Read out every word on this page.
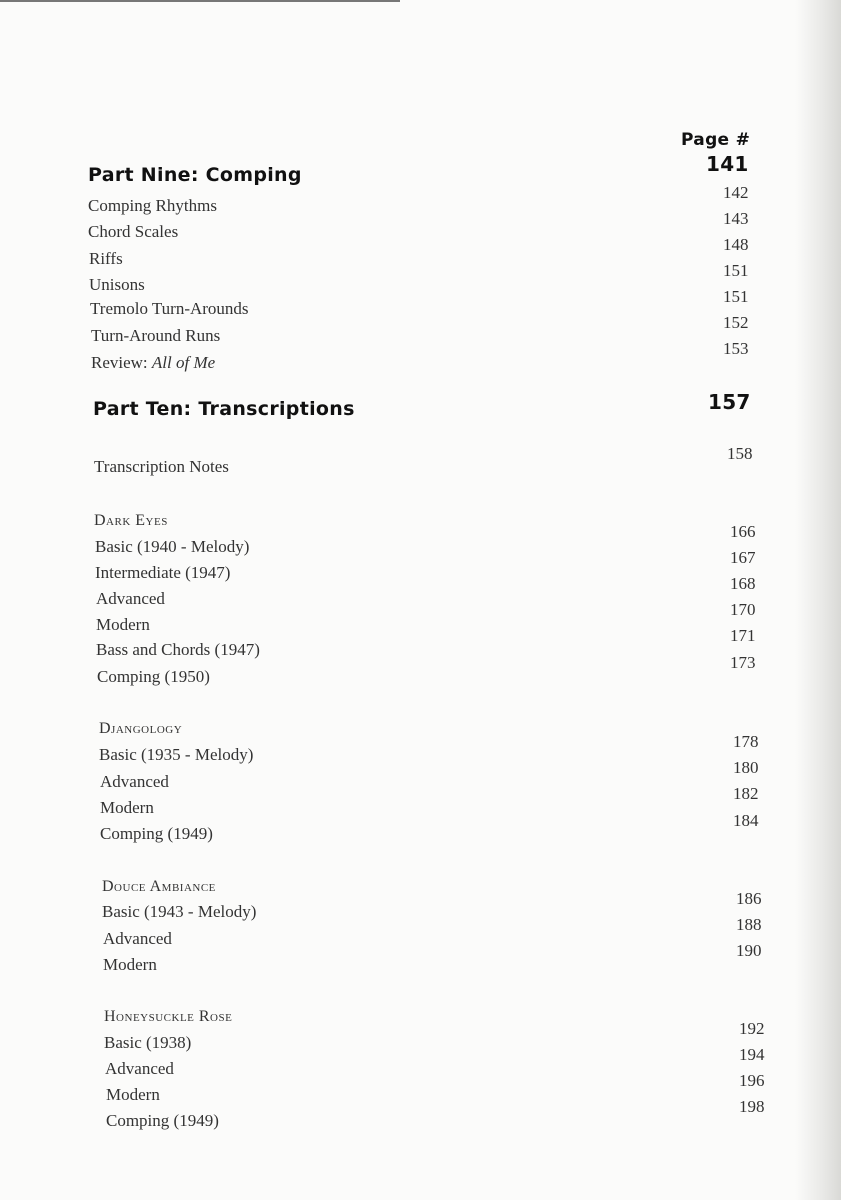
Page #
Part Nine: Comping	141
Comping Rhythms
142
Chord Scales
143
Riffs
148
Unisons
151
Tremolo Turn-Arounds
151
Turn-Around Runs
152
Review: All of Me
153
Part Ten: Transcriptions	157
Transcription Notes
158
Dark Eyes
Basic (1940 - Melody)
166
Intermediate (1947)
167
Advanced
168
Modern
170
Bass and Chords (1947)
171
Comping (1950)
173
Djangology
Basic (1935 - Melody)
178
Advanced
180
Modern
182
Comping (1949)
184
Douce Ambiance
Basic (1943 - Melody)
186
Advanced
188
Modern
190
Honeysuckle Rose
Basic (1938)
192
Advanced
194
Modern
196
Comping (1949)
198
